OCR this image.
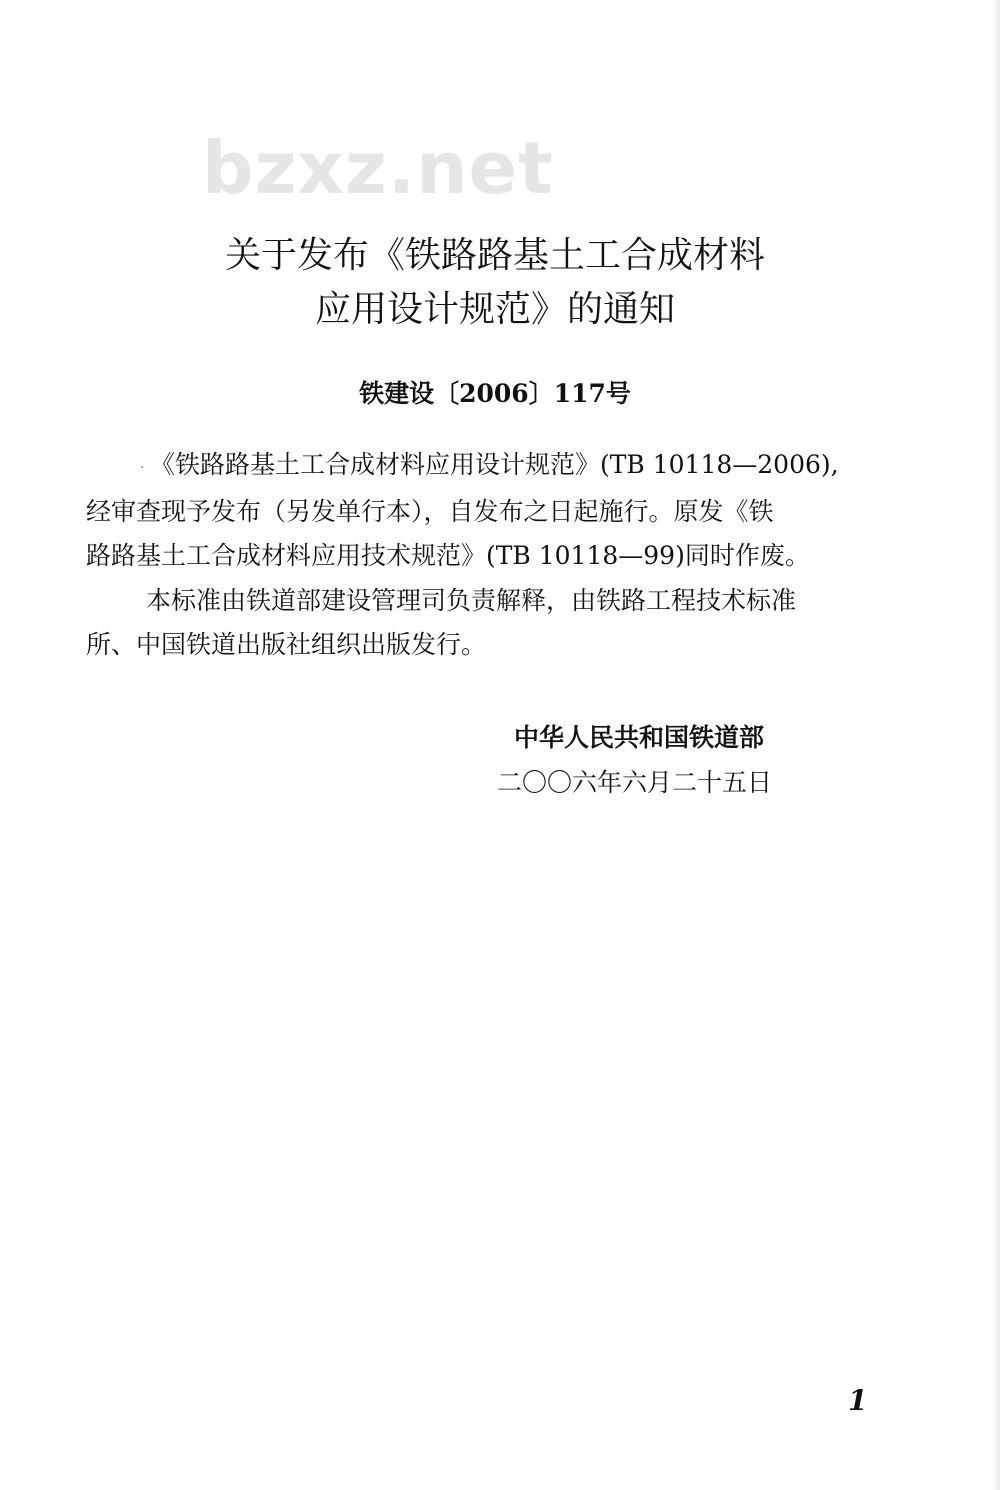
bzxz.net
关于发布《铁路路基土工合成材料
应用设计规范》的通知
铁建设〔2006〕117号
· 《铁路路基土工合成材料应用设计规范》(TB 10118—2006),
经审查现予发布（另发单行本），自发布之日起施行。原发《铁
路路基土工合成材料应用技术规范》(TB 10118—99)同时作废。
本标准由铁道部建设管理司负责解释，由铁路工程技术标准
所、中国铁道出版社组织出版发行。
中华人民共和国铁道部
二〇〇六年六月二十五日
1
